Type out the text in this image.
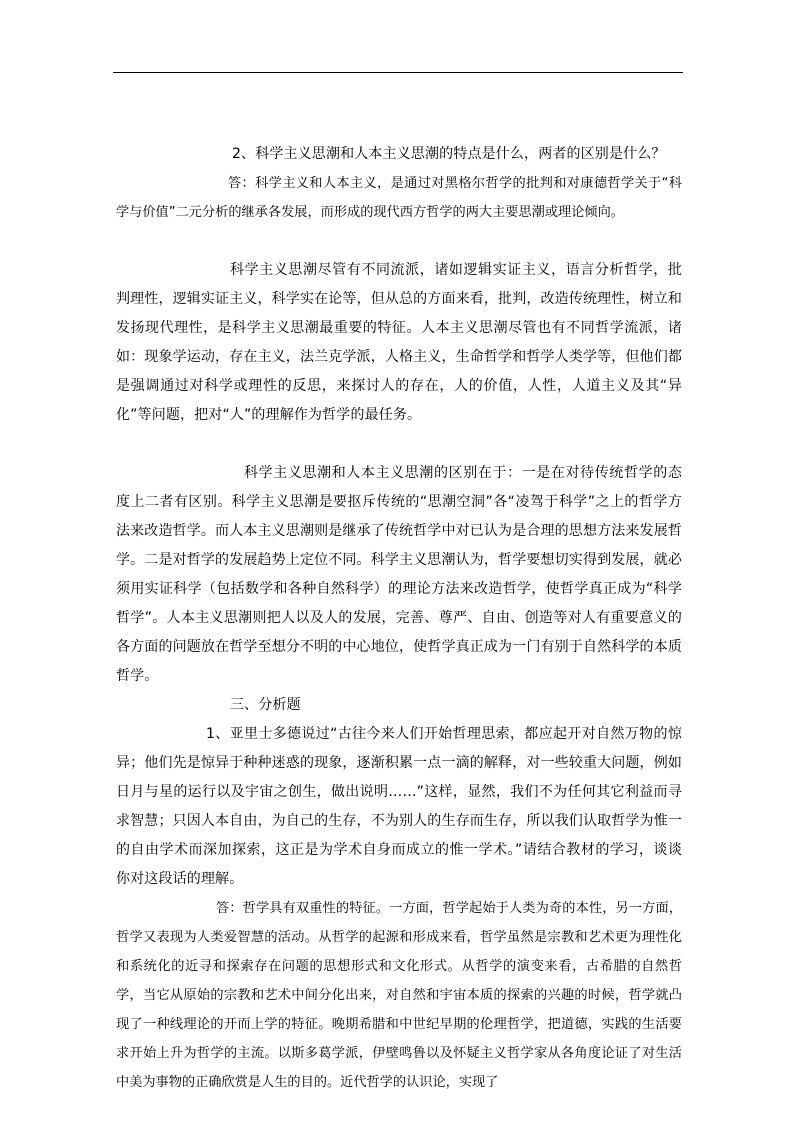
2、科学主义思潮和人本主义思潮的特点是什么，两者的区别是什么？

答：科学主义和人本主义，是通过对黑格尔哲学的批判和对康德哲学关于“科学与价值”二元分析的继承各发展，而形成的现代西方哲学的两大主要思潮或理论倾向。

科学主义思潮尽管有不同流派，诸如逻辑实证主义，语言分析哲学，批判理性，逻辑实证主义，科学实在论等，但从总的方面来看，批判，改造传统理性，树立和发扬现代理性，是科学主义思潮最重要的特征。人本主义思潮尽管也有不同哲学流派，诸如：现象学运动，存在主义，法兰克学派，人格主义，生命哲学和哲学人类学等，但他们都是强调通过对科学或理性的反思，来探讨人的存在，人的价值，人性，人道主义及其“异化”等问题，把对“人”的理解作为哲学的最任务。

科学主义思潮和人本主义思潮的区别在于：一是在对待传统哲学的态度上二者有区别。科学主义思潮是要抠斥传统的“思潮空洞”各“凌驾于科学”之上的哲学方法来改造哲学。而人本主义思潮则是继承了传统哲学中对已认为是合理的思想方法来发展哲学。二是对哲学的发展趋势上定位不同。科学主义思潮认为，哲学要想切实得到发展，就必须用实证科学（包括数学和各种自然科学）的理论方法来改造哲学，使哲学真正成为“科学哲学”。人本主义思潮则把人以及人的发展，完善、尊严、自由、创造等对人有重要意义的各方面的问题放在哲学至想分不明的中心地位，使哲学真正成为一门有别于自然科学的本质哲学。

三、分析题

1、亚里士多德说过“古往今来人们开始哲理思索，都应起开对自然万物的惊异；他们先是惊异于种种迷惑的现象，逐渐积累一点一滴的解释，对一些较重大问题，例如日月与星的运行以及宇宙之创生，做出说明……”这样，显然，我们不为任何其它利益而寻求智慧；只因人本自由，为自己的生存，不为别人的生存而生存，所以我们认取哲学为惟一的自由学术而深加探索，这正是为学术自身而成立的惟一学术。”请结合教材的学习，谈谈你对这段话的理解。

答：哲学具有双重性的特征。一方面，哲学起始于人类为奇的本性，另一方面，哲学又表现为人类爱智慧的活动。从哲学的起源和形成来看，哲学虽然是宗教和艺术更为理性化和系统化的近寻和探索存在问题的思想形式和文化形式。从哲学的演变来看，古希腊的自然哲学，当它从原始的宗教和艺术中间分化出来，对自然和宇宙本质的探索的兴趣的时候，哲学就凸现了一种线理论的开而上学的特征。晚期希腊和中世纪早期的伦理哲学，把道德，实践的生活要求开始上升为哲学的主流。以斯多葛学派，伊壁鸣鲁以及怀疑主义哲学家从各角度论证了对生活中美为事物的正确欣赏是人生的目的。近代哲学的认识论，实现了
